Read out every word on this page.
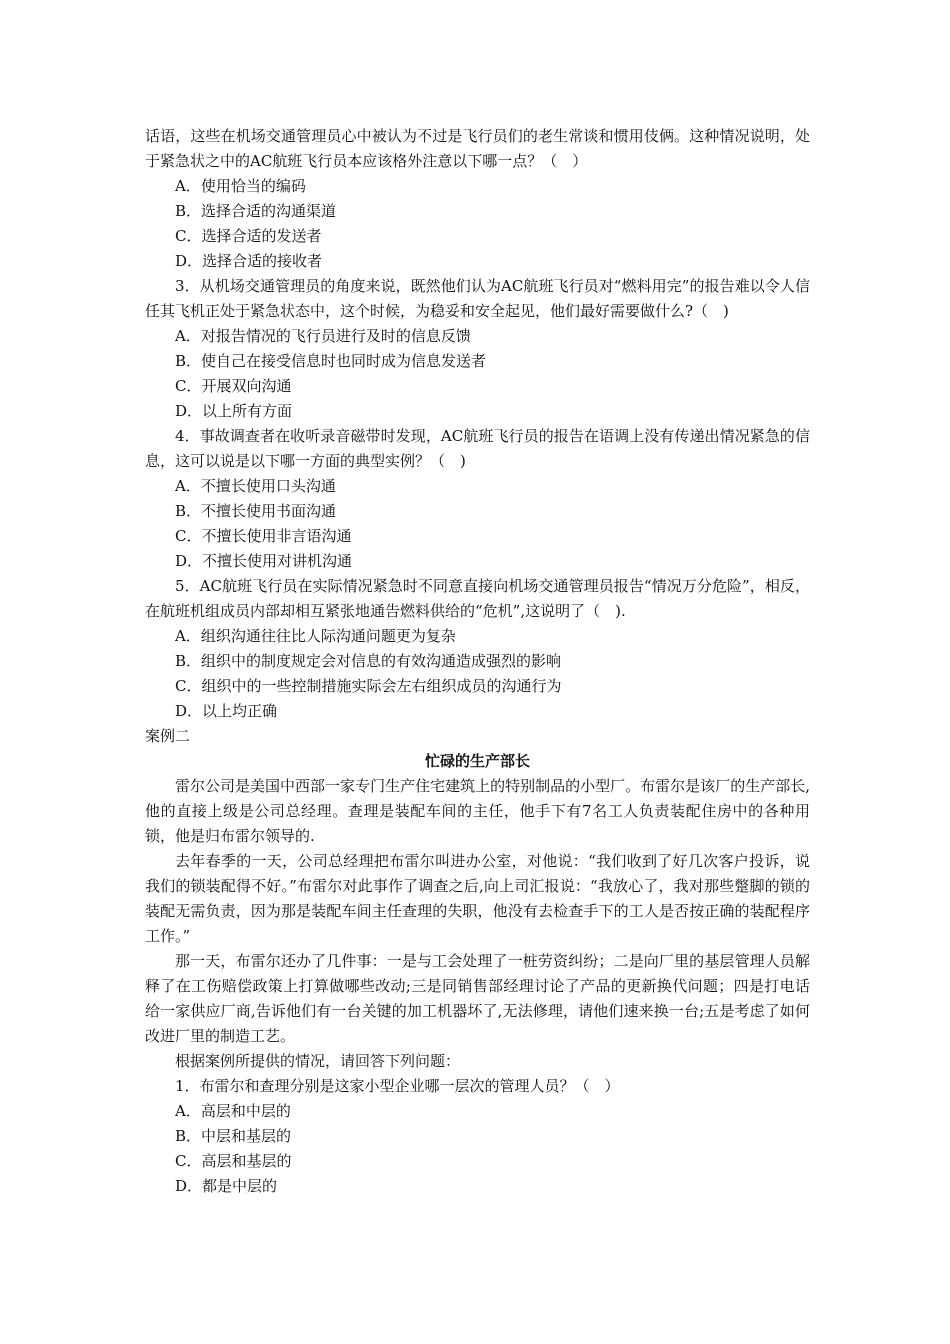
话语，这些在机场交通管理员心中被认为不过是飞行员们的老生常谈和惯用伎俩。这种情况说明，处于紧急状之中的AC航班飞行员本应该格外注意以下哪一点？（　）

A．使用恰当的编码

B．选择合适的沟通渠道

C．选择合适的发送者

D．选择合适的接收者

3．从机场交通管理员的角度来说，既然他们认为AC航班飞行员对“燃料用完”的报告难以令人信任其飞机正处于紧急状态中，这个时候，为稳妥和安全起见，他们最好需要做什么?（　)

A．对报告情况的飞行员进行及时的信息反馈

B．使自己在接受信息时也同时成为信息发送者

C．开展双向沟通

D．以上所有方面

4．事故调查者在收听录音磁带时发现，AC航班飞行员的报告在语调上没有传递出情况紧急的信息，这可以说是以下哪一方面的典型实例？（　)

A．不擅长使用口头沟通

B．不擅长使用书面沟通

C．不擅长使用非言语沟通

D．不擅长使用对讲机沟通

5．AC航班飞行员在实际情况紧急时不同意直接向机场交通管理员报告“情况万分危险”，相反，在航班机组成员内部却相互紧张地通告燃料供给的“危机”,这说明了（　).

A．组织沟通往往比人际沟通问题更为复杂

B．组织中的制度规定会对信息的有效沟通造成强烈的影响

C．组织中的一些控制措施实际会左右组织成员的沟通行为

D．以上均正确

案例二

忙碌的生产部长

雷尔公司是美国中西部一家专门生产住宅建筑上的特别制品的小型厂。布雷尔是该厂的生产部长,他的直接上级是公司总经理。查理是装配车间的主任，他手下有7名工人负责装配住房中的各种用锁，他是归布雷尔领导的.

去年春季的一天，公司总经理把布雷尔叫进办公室，对他说：“我们收到了好几次客户投诉，说我们的锁装配得不好。”布雷尔对此事作了调查之后,向上司汇报说：“我放心了，我对那些蹩脚的锁的装配无需负责，因为那是装配车间主任查理的失职，他没有去检查手下的工人是否按正确的装配程序工作。”

那一天，布雷尔还办了几件事：一是与工会处理了一桩劳资纠纷；二是向厂里的基层管理人员解释了在工伤赔偿政策上打算做哪些改动;三是同销售部经理讨论了产品的更新换代问题；四是打电话给一家供应厂商,告诉他们有一台关键的加工机器坏了,无法修理，请他们速来换一台;五是考虑了如何改进厂里的制造工艺。

根据案例所提供的情况，请回答下列问题：

1．布雷尔和查理分别是这家小型企业哪一层次的管理人员？（　）

A．高层和中层的

B．中层和基层的

C．高层和基层的

D．都是中层的
